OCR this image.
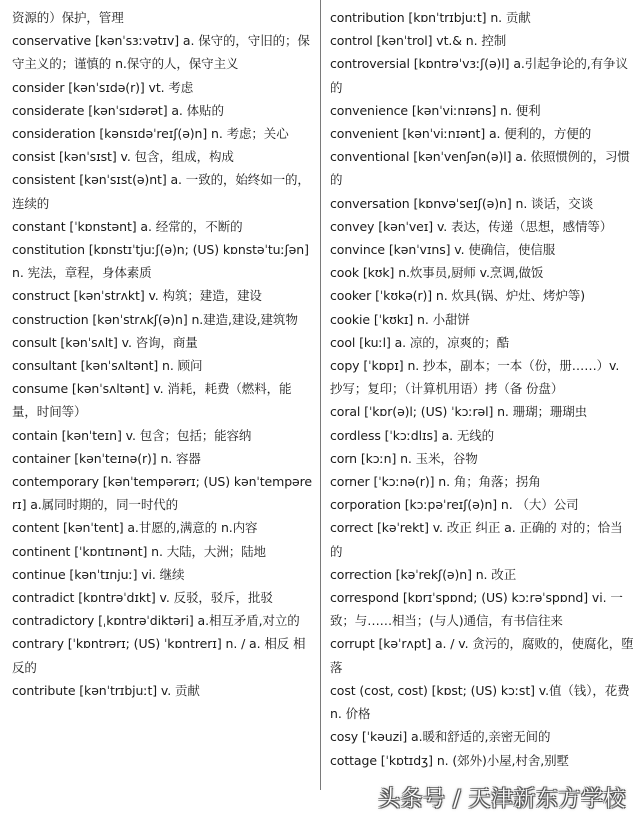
资源的）保护，管理

conservative [kənˈsɜːvətɪv] a. 保守的，守旧的；保守主义的；谨慎的 n.保守的人，保守主义

consider [kənˈsɪdə(r)] vt. 考虑

considerate [kənˈsɪdərət] a. 体贴的

consideration [kənsɪdəˈreɪʃ(ə)n] n. 考虑；关心

consist [kənˈsɪst] v. 包含，组成，构成

consistent [kənˈsɪst(ə)nt] a. 一致的，始终如一的，连续的

constant [ˈkɒnstənt] a. 经常的，不断的

constitution [kɒnstɪˈtjuːʃ(ə)n; (US) kɒnstəˈtuːʃən] n. 宪法，章程，身体素质

construct [kənˈstrʌkt] v. 构筑；建造，建设

construction [kənˈstrʌkʃ(ə)n] n.建造,建设,建筑物

consult [kənˈsʌlt] v. 咨询，商量

consultant [kənˈsʌltənt] n. 顾问

consume [kənˈsʌltənt] v. 消耗，耗费（燃料，能量，时间等）

contain [kənˈteɪn] v. 包含；包括；能容纳

container [kənˈteɪnə(r)] n. 容器

contemporary [kənˈtempərərɪ; (US) kənˈtempərerɪ] a.属同时期的，同一时代的

content [kənˈtent] a.甘愿的,满意的 n.内容

continent [ˈkɒntɪnənt] n. 大陆，大洲；陆地

continue [kənˈtɪnjuː] vi. 继续

contradict [kɒntrəˈdɪkt] v. 反驳，驳斥，批驳

contradictory [ˌkɒntrəˈdiktəri] a.相互矛盾,对立的

contrary [ˈkɒntrərɪ; (US) ˈkɒntrerɪ] n. / a. 相反 相反的

contribute [kənˈtrɪbjuːt] v. 贡献

contribution [kɒnˈtrɪbjuːt] n. 贡献

control [kənˈtrol] vt.& n. 控制

controversial [kɒntrəˈvɜːʃ(ə)l] a.引起争论的,有争议的

convenience [kənˈviːnɪəns] n. 便利

convenient [kənˈviːnɪənt] a. 便利的，方便的

conventional [kənˈvenʃən(ə)l] a. 依照惯例的，习惯的

conversation [kɒnvəˈseɪʃ(ə)n] n. 谈话，交谈

convey [kənˈveɪ] v. 表达，传递（思想，感情等）

convince [kənˈvɪns] v. 使确信，使信服

cook [kʊk] n.炊事员,厨师 v.烹调,做饭

cooker [ˈkʊkə(r)] n. 炊具(锅、炉灶、烤炉等)

cookie [ˈkʊkɪ] n. 小甜饼

cool [kuːl] a. 凉的，凉爽的；酷

copy [ˈkɒpɪ] n. 抄本，副本；一本（份，册……）v. 抄写；复印；（计算机用语）拷（备 份盘）

coral [ˈkɒr(ə)l; (US) ˈkɔːrəl] n. 珊瑚；珊瑚虫

cordless [ˈkɔːdlɪs] a. 无线的

corn [kɔːn] n. 玉米，谷物

corner [ˈkɔːnə(r)] n. 角；角落；拐角

corporation [kɔːpəˈreɪʃ(ə)n] n. （大）公司

correct [kəˈrekt] v. 改正 纠正 a. 正确的 对的；恰当的

correction [kəˈrekʃ(ə)n] n. 改正

correspond [kɒrɪˈspɒnd; (US) kɔːrəˈspɒnd] vi. 一致；与……相当；(与人)通信，有书信往来

corrupt [kəˈrʌpt] a. / v. 贪污的，腐败的，使腐化，堕落

cost (cost, cost) [kɒst; (US) kɔːst] v.值（钱），花费 n. 价格

cosy [ˈkəuzi] a.暖和舒适的,亲密无间的

cottage [ˈkɒtɪdʒ] n. (郊外)小屋,村舍,别墅

头条号 / 天津新东方学校
